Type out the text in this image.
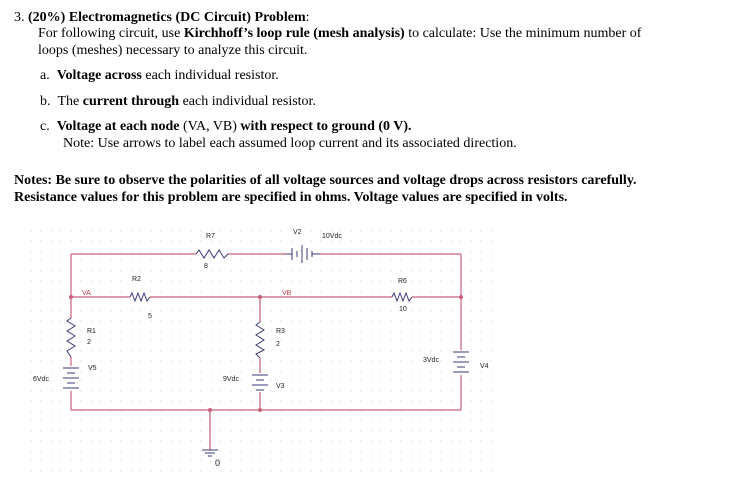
3. (20%) Electromagnetics (DC Circuit) Problem:
For following circuit, use Kirchhoff’s loop rule (mesh analysis) to calculate: Use the minimum number of
loops (meshes) necessary to analyze this circuit.
a. Voltage across each individual resistor.
b. The current through each individual resistor.
c. Voltage at each node (VA, VB) with respect to ground (0 V).
Note: Use arrows to label each assumed loop current and its associated direction.
Notes: Be sure to observe the polarities of all voltage sources and voltage drops across resistors carefully.
Resistance values for this problem are specified in ohms. Voltage values are specified in volts.
R7
8
R2
5
R6
10
R1
2
R3
2
V2
10Vdc
V5
6Vdc
V3
9Vdc
V4
3Vdc
VA	VB
0
